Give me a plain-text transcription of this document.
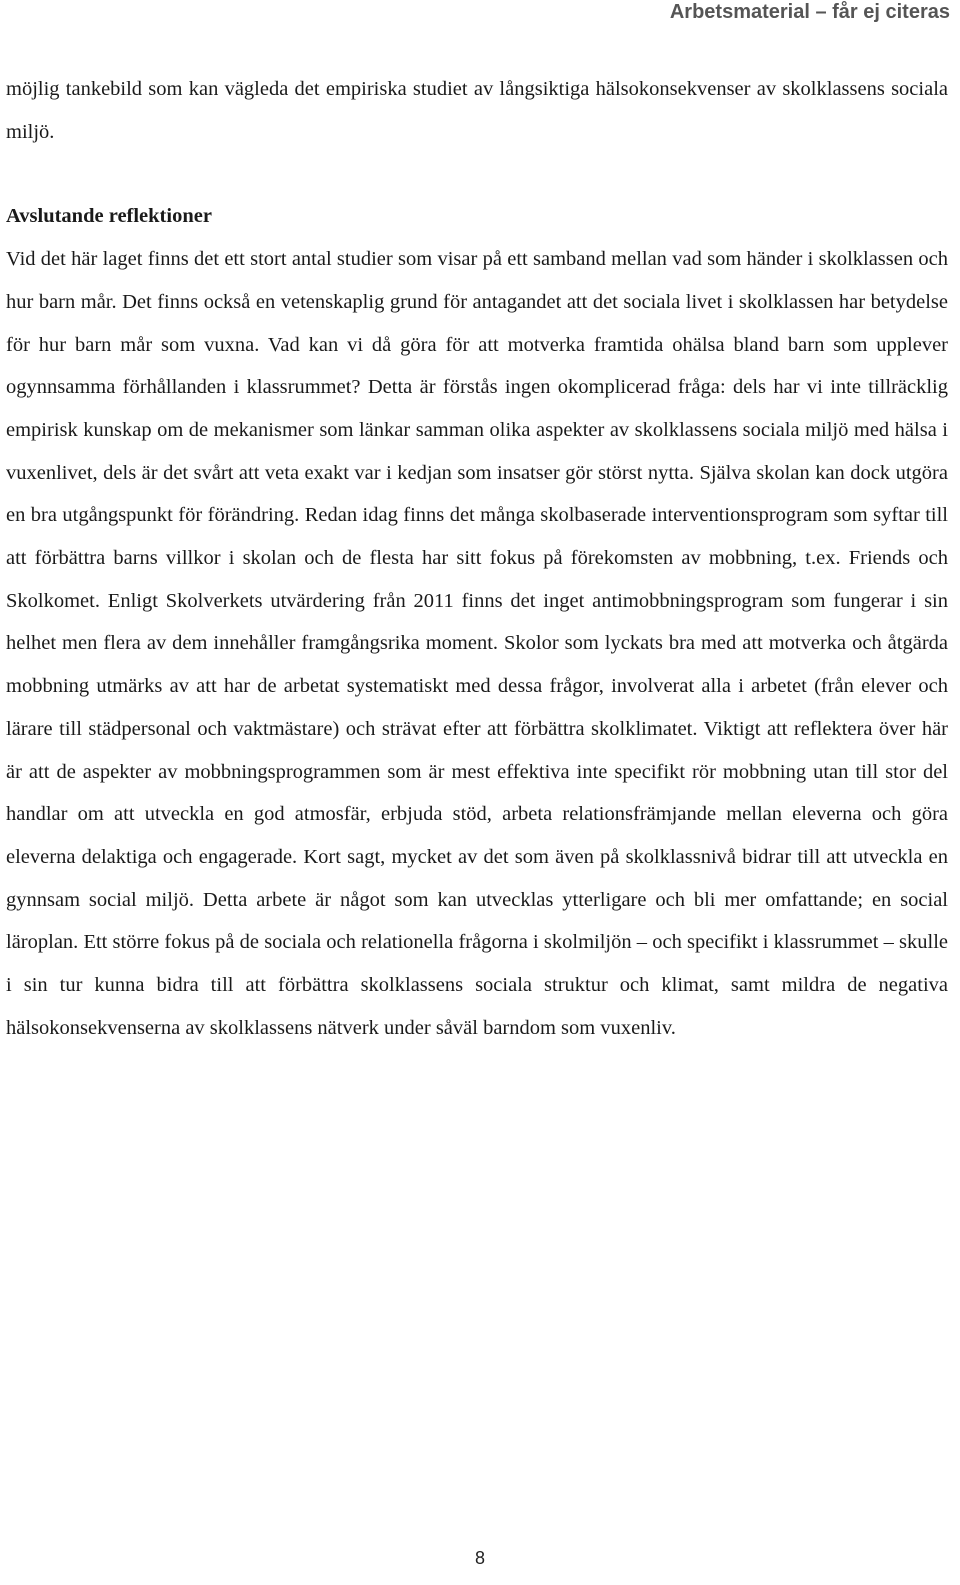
Arbetsmaterial – får ej citeras

möjlig tankebild som kan vägleda det empiriska studiet av långsiktiga hälsokonsekvenser av skolklassens sociala miljö.

Avslutande reflektioner

Vid det här laget finns det ett stort antal studier som visar på ett samband mellan vad som händer i skolklassen och hur barn mår. Det finns också en vetenskaplig grund för antagandet att det sociala livet i skolklassen har betydelse för hur barn mår som vuxna. Vad kan vi då göra för att motverka framtida ohälsa bland barn som upplever ogynnsamma förhållanden i klassrummet? Detta är förstås ingen okomplicerad fråga: dels har vi inte tillräcklig empirisk kunskap om de mekanismer som länkar samman olika aspekter av skolklassens sociala miljö med hälsa i vuxenlivet, dels är det svårt att veta exakt var i kedjan som insatser gör störst nytta. Själva skolan kan dock utgöra en bra utgångspunkt för förändring. Redan idag finns det många skolbaserade interventionsprogram som syftar till att förbättra barns villkor i skolan och de flesta har sitt fokus på förekomsten av mobbning, t.ex. Friends och Skolkomet. Enligt Skolverkets utvärdering från 2011 finns det inget antimobbningsprogram som fungerar i sin helhet men flera av dem innehåller framgångsrika moment. Skolor som lyckats bra med att motverka och åtgärda mobbning utmärks av att har de arbetat systematiskt med dessa frågor, involverat alla i arbetet (från elever och lärare till städpersonal och vaktmästare) och strävat efter att förbättra skolklimatet. Viktigt att reflektera över här är att de aspekter av mobbningsprogrammen som är mest effektiva inte specifikt rör mobbning utan till stor del handlar om att utveckla en god atmosfär, erbjuda stöd, arbeta relationsfrämjande mellan eleverna och göra eleverna delaktiga och engagerade. Kort sagt, mycket av det som även på skolklassnivå bidrar till att utveckla en gynnsam social miljö. Detta arbete är något som kan utvecklas ytterligare och bli mer omfattande; en social läroplan. Ett större fokus på de sociala och relationella frågorna i skolmiljön – och specifikt i klassrummet – skulle i sin tur kunna bidra till att förbättra skolklassens sociala struktur och klimat, samt mildra de negativa hälsokonsekvenserna av skolklassens nätverk under såväl barndom som vuxenliv.

8
